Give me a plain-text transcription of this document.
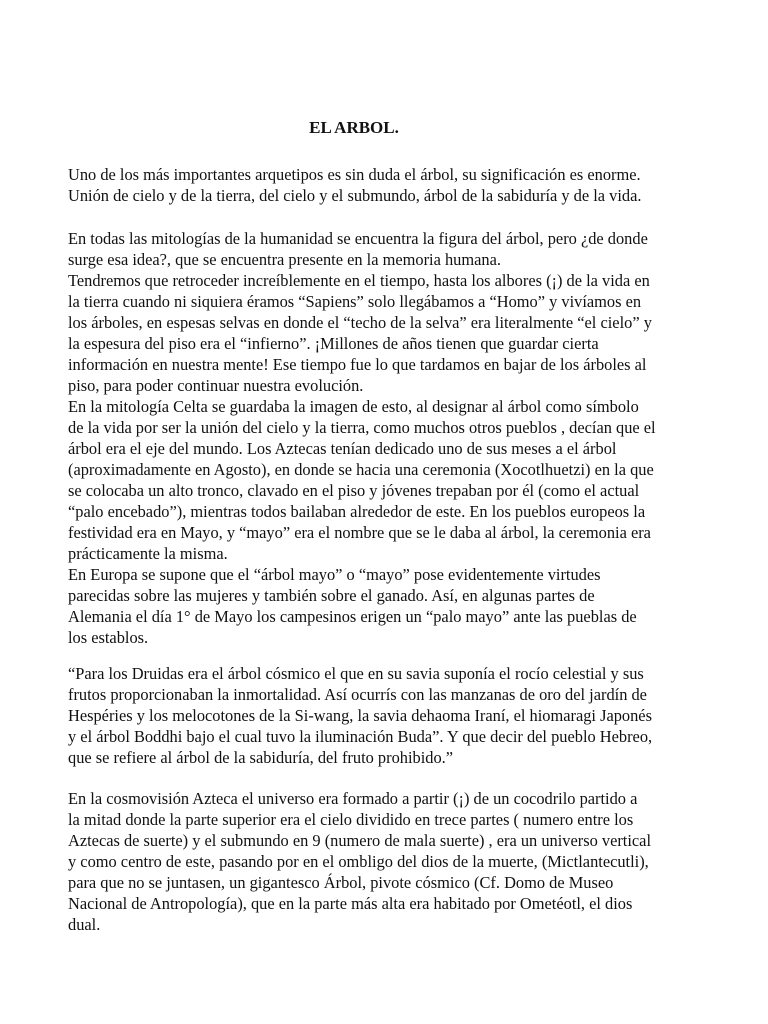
EL ARBOL.
Uno de los más importantes arquetipos es sin duda el árbol, su significación es enorme.
Unión de cielo y de la tierra, del cielo y el submundo, árbol de la sabiduría y de la vida.
En todas las mitologías de la humanidad se encuentra la figura del árbol, pero ¿de donde
surge esa idea?, que se encuentra presente en la memoria humana.
Tendremos que retroceder increíblemente en el tiempo, hasta los albores (¡) de la vida en
la tierra cuando ni siquiera éramos “Sapiens” solo llegábamos a “Homo” y vivíamos en
los árboles, en espesas selvas en donde el “techo de la selva” era literalmente “el cielo” y
la espesura del piso era el “infierno”. ¡Millones de años tienen que guardar cierta
información en nuestra mente! Ese tiempo fue lo que tardamos en bajar de los árboles al
piso, para poder continuar nuestra evolución.
En la mitología Celta se guardaba la imagen de esto, al designar al árbol como símbolo
de la vida por ser la unión del cielo y la tierra, como muchos otros pueblos , decían que el
árbol era el eje del mundo. Los Aztecas tenían dedicado uno de sus meses a el árbol
(aproximadamente en Agosto), en donde se hacia una ceremonia (Xocotlhuetzi) en la que
se colocaba un alto tronco, clavado en el piso y jóvenes trepaban por él (como el actual
“palo encebado”), mientras todos bailaban alrededor de este. En los pueblos europeos la
festividad era en Mayo, y “mayo” era el nombre que se le daba al árbol, la ceremonia era
prácticamente la misma.
En Europa se supone que el “árbol mayo” o “mayo” pose evidentemente virtudes
parecidas sobre las mujeres y también sobre el ganado. Así, en algunas partes de
Alemania el día 1° de Mayo los campesinos erigen un “palo mayo” ante las pueblas de
los establos.
“Para los Druidas era el árbol cósmico el que en su savia suponía el rocío celestial y sus
frutos proporcionaban la inmortalidad. Así ocurrís con las manzanas de oro del jardín de
Hespéries y los melocotones de la Si-wang, la savia dehaoma Iraní, el hiomaragi Japonés
y el árbol Boddhi bajo el cual tuvo la iluminación Buda”. Y que decir del pueblo Hebreo,
que se refiere al árbol de la sabiduría, del fruto prohibido.”
En la cosmovisión Azteca el universo era formado a partir (¡) de un cocodrilo partido a
la mitad donde la parte superior era el cielo dividido en trece partes ( numero entre los
Aztecas de suerte) y el submundo en 9 (numero de mala suerte) , era un universo vertical
y como centro de este, pasando por en el ombligo del dios de la muerte, (Mictlantecutli),
para que no se juntasen, un gigantesco Árbol, pivote cósmico (Cf. Domo de Museo
Nacional de Antropología), que en la parte más alta era habitado por Ometéotl, el dios
dual.
